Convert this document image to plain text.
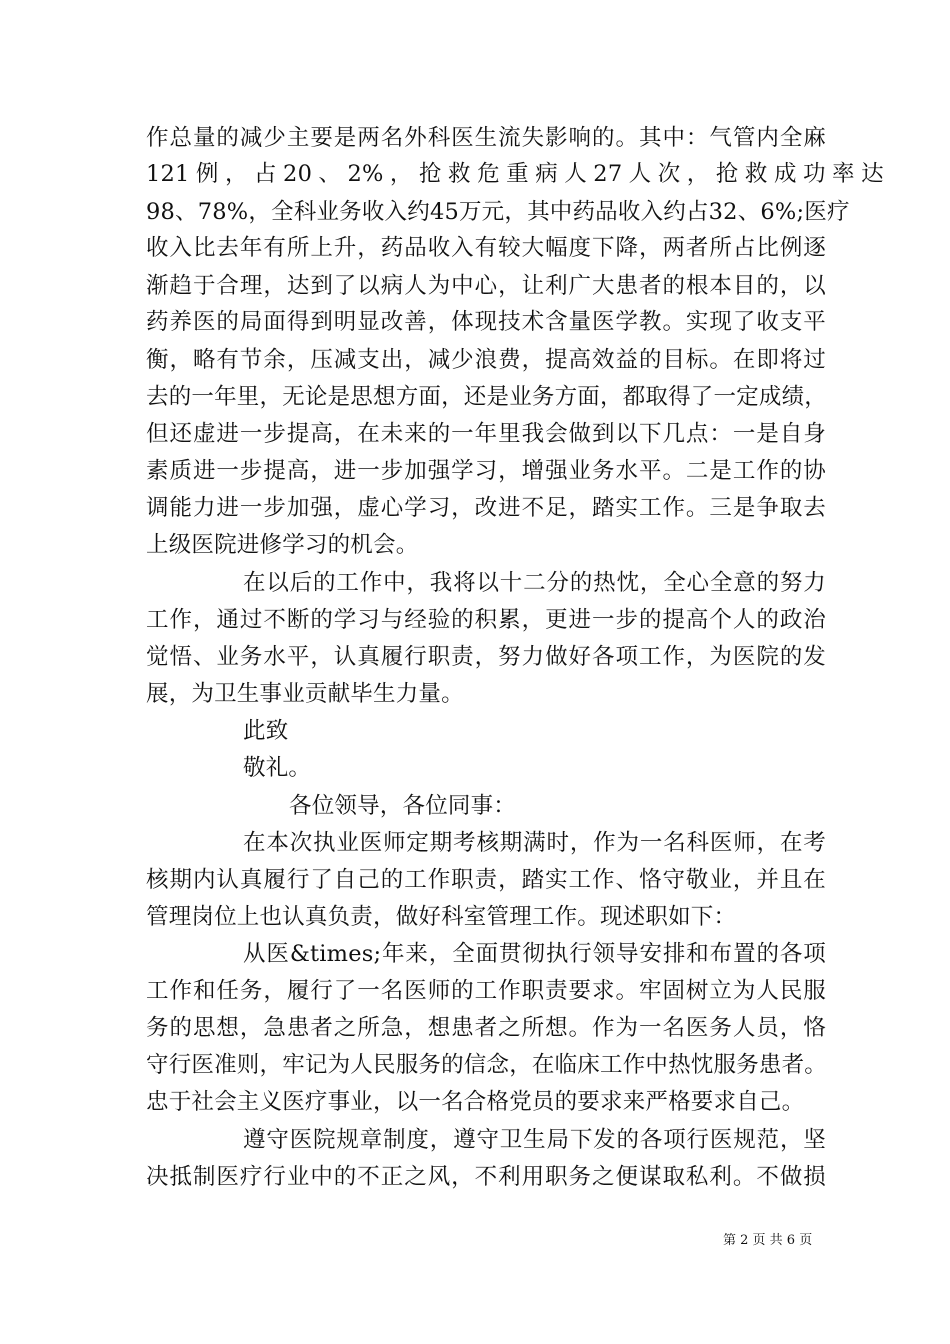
作总量的减少主要是两名外科医生流失影响的。其中：气管内全麻
121 例 ， 占 20 、 2% ， 抢 救 危 重 病 人 27 人 次 ， 抢 救 成 功 率 达
98、78%，全科业务收入约45万元，其中药品收入约占32、6%;医疗
收入比去年有所上升，药品收入有较大幅度下降，两者所占比例逐
渐趋于合理，达到了以病人为中心，让利广大患者的根本目的，以
药养医的局面得到明显改善，体现技术含量医学教。实现了收支平
衡，略有节余，压减支出，减少浪费，提高效益的目标。在即将过
去的一年里，无论是思想方面，还是业务方面，都取得了一定成绩，
但还虚进一步提高，在未来的一年里我会做到以下几点：一是自身
素质进一步提高，进一步加强学习，增强业务水平。二是工作的协
调能力进一步加强，虚心学习，改进不足，踏实工作。三是争取去
上级医院进修学习的机会。
在以后的工作中，我将以十二分的热忱，全心全意的努力
工作，通过不断的学习与经验的积累，更进一步的提高个人的政治
觉悟、业务水平，认真履行职责，努力做好各项工作，为医院的发
展，为卫生事业贡献毕生力量。
此致
敬礼。
各位领导，各位同事：
在本次执业医师定期考核期满时，作为一名科医师，在考
核期内认真履行了自己的工作职责，踏实工作、恪守敬业，并且在
管理岗位上也认真负责，做好科室管理工作。现述职如下：
从医&times;年来，全面贯彻执行领导安排和布置的各项
工作和任务，履行了一名医师的工作职责要求。牢固树立为人民服
务的思想，急患者之所急，想患者之所想。作为一名医务人员，恪
守行医准则，牢记为人民服务的信念，在临床工作中热忱服务患者。
忠于社会主义医疗事业，以一名合格党员的要求来严格要求自己。
遵守医院规章制度，遵守卫生局下发的各项行医规范，坚
决抵制医疗行业中的不正之风，不利用职务之便谋取私利。不做损
第 2 页 共 6 页
